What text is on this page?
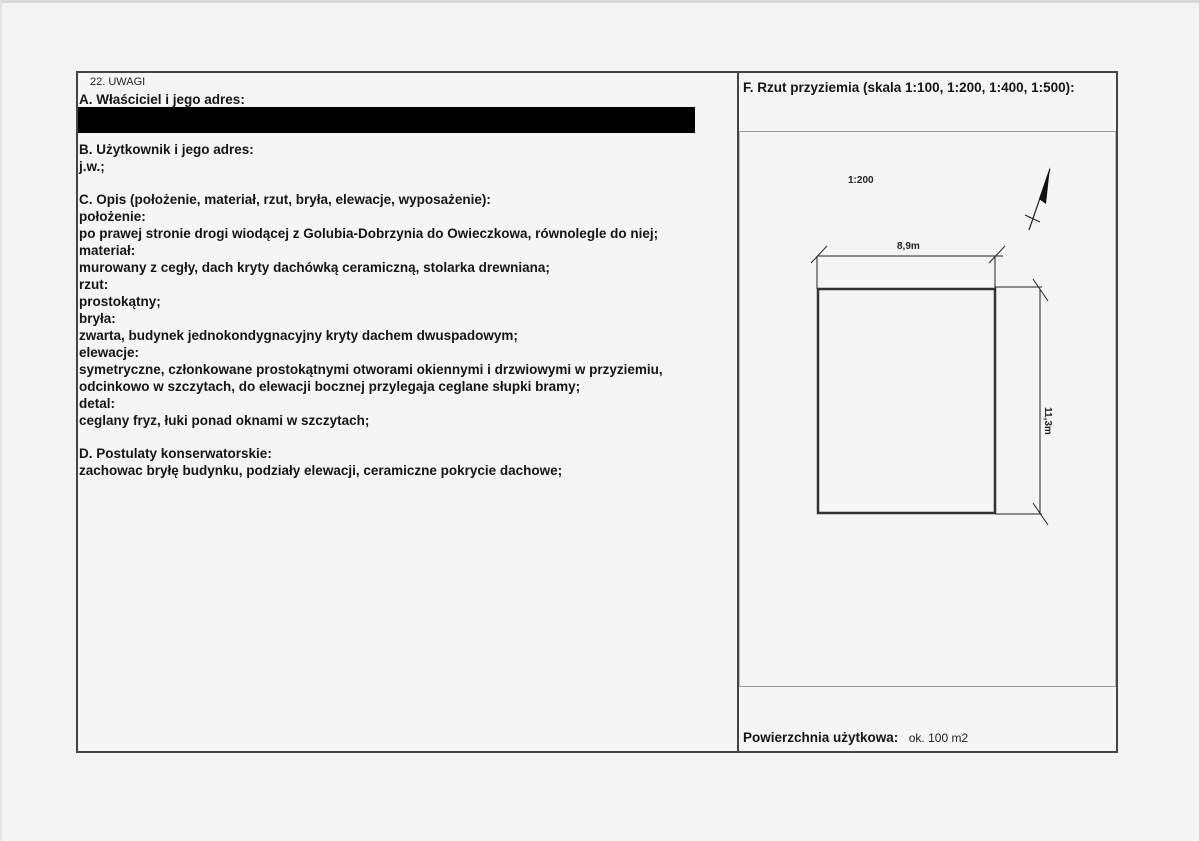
22. UWAGI
A. Właściciel i jego adres:
B. Użytkownik i jego adres:
j.w.;
C. Opis (położenie, materiał, rzut, bryła, elewacje, wyposażenie):
położenie:
po prawej stronie drogi wiodącej z Golubia-Dobrzynia do Owieczkowa, równolegle do niej;
materiał:
murowany z cegły, dach kryty dachówką ceramiczną, stolarka drewniana;
rzut:
prostokątny;
bryła:
zwarta, budynek jednokondygnacyjny kryty dachem dwuspadowym;
elewacje:
symetryczne, członkowane prostokątnymi otworami okiennymi i drzwiowymi w przyziemiu,
odcinkowo w szczytach, do elewacji bocznej przylegaja ceglane słupki bramy;
detal:
ceglany fryz, łuki ponad oknami w szczytach;
D. Postulaty konserwatorskie:
zachowac bryłę budynku, podziały elewacji, ceramiczne pokrycie dachowe;
F. Rzut przyziemia (skala 1:100, 1:200, 1:400, 1:500):
1:200
8,9m
11,3m
Powierzchnia użytkowa: ok. 100 m2
